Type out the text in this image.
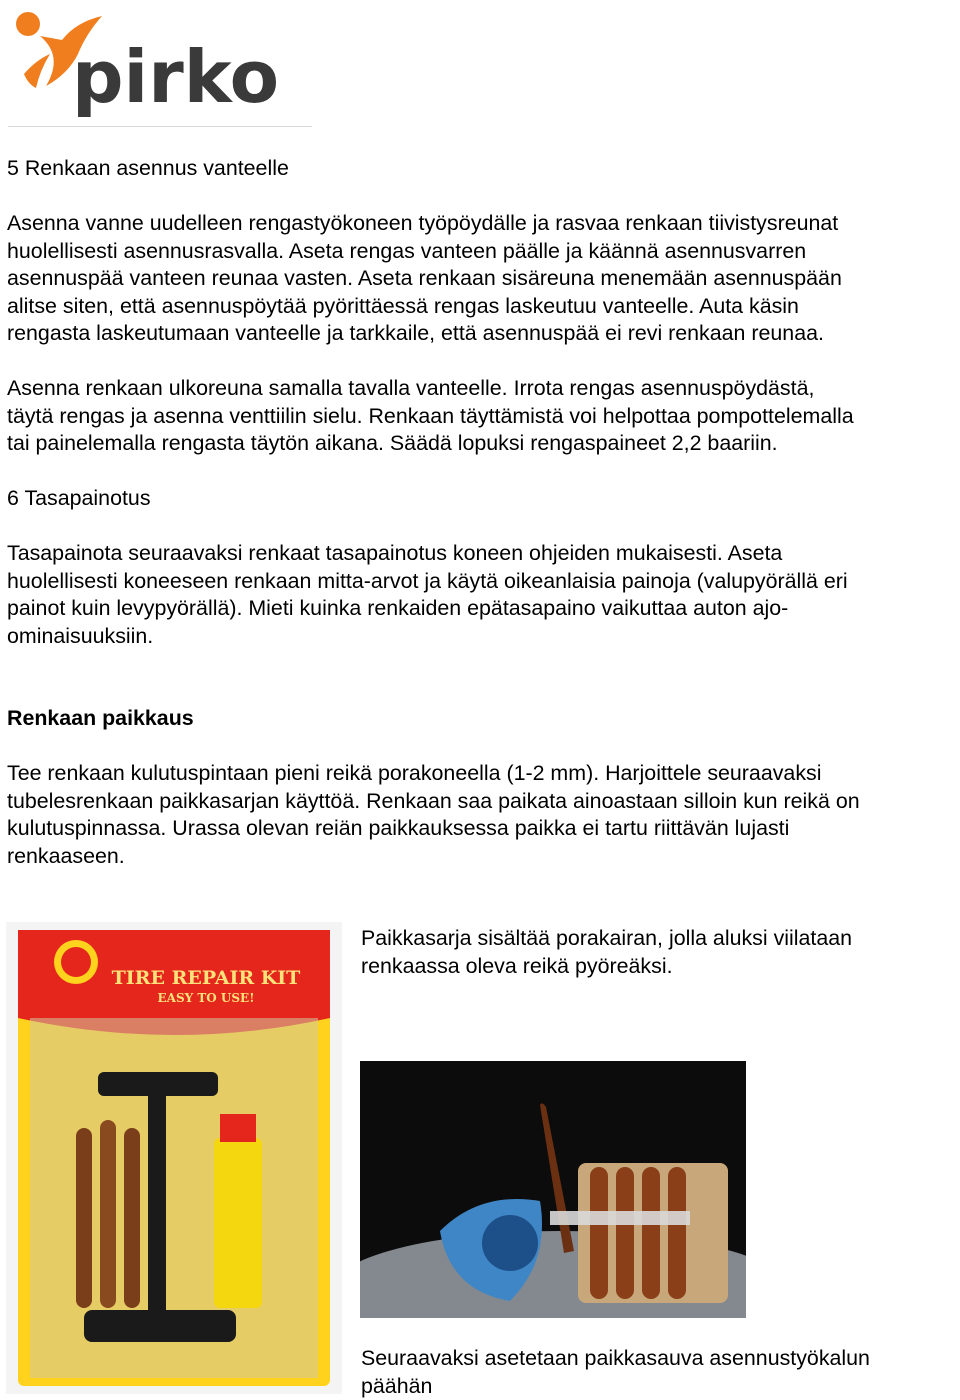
pirko

5 Renkaan asennus vanteelle

Asenna vanne uudelleen rengastyökoneen työpöydälle ja rasvaa renkaan tiivistysreunat

huolellisesti asennusrasvalla. Aseta rengas vanteen päälle ja käännä asennusvarren

asennuspää vanteen reunaa vasten. Aseta renkaan sisäreuna menemään asennuspään

alitse siten, että asennuspöytää pyörittäessä rengas laskeutuu vanteelle. Auta käsin

rengasta laskeutumaan vanteelle ja tarkkaile, että asennuspää ei revi renkaan reunaa.

Asenna renkaan ulkoreuna samalla tavalla vanteelle. Irrota rengas asennuspöydästä,

täytä rengas ja asenna venttiilin sielu. Renkaan täyttämistä voi helpottaa pompottelemalla

tai painelemalla rengasta täytön aikana. Säädä lopuksi rengaspaineet 2,2 baariin.

6 Tasapainotus

Tasapainota seuraavaksi renkaat tasapainotus koneen ohjeiden mukaisesti. Aseta

huolellisesti koneeseen renkaan mitta-arvot ja käytä oikeanlaisia painoja (valupyörällä eri

painot kuin levypyörällä). Mieti kuinka renkaiden epätasapaino vaikuttaa auton ajo-

ominaisuuksiin.

Renkaan paikkaus

Tee renkaan kulutuspintaan pieni reikä porakoneella (1-2 mm). Harjoittele seuraavaksi

tubelesrenkaan paikkasarjan käyttöä. Renkaan saa paikata ainoastaan silloin kun reikä on

kulutuspinnassa. Urassa olevan reiän paikkauksessa paikka ei tartu riittävän lujasti

renkaaseen.

TIRE REPAIR KIT
EASY TO USE!

Paikkasarja sisältää porakairan, jolla aluksi viilataan

renkaassa oleva reikä pyöreäksi.

Seuraavaksi asetetaan paikkasauva asennustyökalun

päähän
